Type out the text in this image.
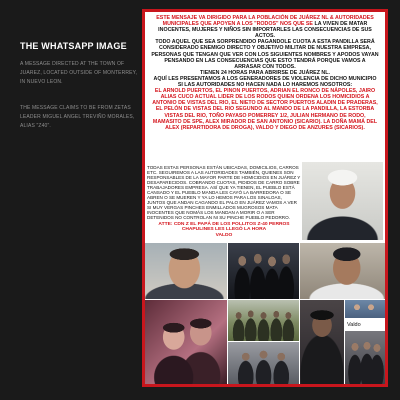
THE WHATSAPP IMAGE
A MESSAGE DIRECTED AT THE TOWN OF
JUAREZ, LOCATED OUTSIDE OF MONTERREY,
IN NUEVO LEON.
THE MESSAGE CLAIMS TO BE FROM ZETAS
LEADER MIGUEL ANGEL TREVIÑO MORALES,
ALIAS "Z40".

ESTE MENSAJE VA DIRIGIDO PARA LA POBLACIÓN DE JUÁREZ NL & AUTORIDADES MUNICIPALES QUE APOYEN A LOS "RODOS" NOS QUE SE LA VIVEN DE MATAR INOCENTES, MUJERES Y NIÑOS SIN IMPORTARLES LAS CONSECUENCIAS DE SUS ACTOS.

TODO AQUEL QUE SEA SORPRENDIDO PAGANDOLE CUOTA A ESTA PANDILLA SERÁ CONSIDERADO ENEMIGO DIRECTO Y OBJETIVO MILITAR DE NUESTRA EMPRESA, PERSONAS QUE TENGAN QUE VER CON LOS SIGUIENTES NOMBRES Y APODOS VAYAN PENSANDO EN LAS CONSECUENCIAS QUE ESTO TENDRÁ PORQUE VAMOS A ARRASAR CON TODOS.

TIENEN 24 HORAS PARA ABRIRSE DE JUÁREZ NL.

AQUÍ LES PRESENTAMOS A LOS GENERADORES DE VIOLENCIA DE DICHO MUNICIPIO SI LAS AUTORIDADES NO HACEN NADA LO HAREMOS NOSOTROS:

EL ARNOLD PUERTOS, EL PINON PUERTOS, ADRIAN EL RONCO DE NÁPOLES, JAIRO ALIAS CUCO ACTUAL LIDER DE LOS RODOS QUIEN ORDENA LOS HOMICIDIOS A ANTONIO DE VISTAS DEL RIO, EL NIETO DE SECTOR PUERTOS ALADIN DE PRADERAS, EL PELÓN DE VISTAS DEL RIO SEGUNDO AL MANDO DE LA PANDILLA, LA ESTORBA VISTAS DEL RIO, TOÑO PAYASO POMERREY 1/2, JULIAN HERMANO DE RODO, MAMASITO DE SPE, ALEX MIRADOR DE SAN ANTONIO (SICARIO). LA DOÑA MAMÁ DEL ALEX (REPARTIDORA DE DROGA), VALDO Y DIEGO DE ANZURES (SICARIOS).

TODAS ESTAS PERSONAS ESTÁN UBICADAS, DOMICILIOS, CARROS ETC. SEGUIREMOS A LAS AUTORIDADES TAMBIÉN, QUIENES SON RESPONSABLES DE LA MAYOR PARTE DE HOMICIDIOS EN JUÁREZ Y DESAPARECIDOS. COBRANDO CUOTAS, PIDIDOS DE CARRO SOBRE TRABAJADORES EMPRESA. ASÍ QUE YA TIENEN, EL PUEBLO ESTÁ CANSADO Y EL PUEBLO MANDA LES CAYÓ LA BARREDORA O SE ABREN O SE MUEREN Y YA LO HEMOS PARA LOS SINALOAS, JUNTOS QUE ANDAN CAGANDO EL PALO EN JUÁREZ VAMOS A VER SI MUY VERGAS PINCHES ENMILLADOS MUGROSOS MATA INOCENTES QUE NOMÁS LOS MANDAN A MORIR O A SER DETENIDOS NO CONTROLAN NI SU PINCHE PUEBLO PEDORRO.

ATTE: CDN Z EL PAPÁ DE LOS POLLITOS Z-40 PERROS CHAPULINES LES LLEGÓ LA HORA

VALDO

Valdo
